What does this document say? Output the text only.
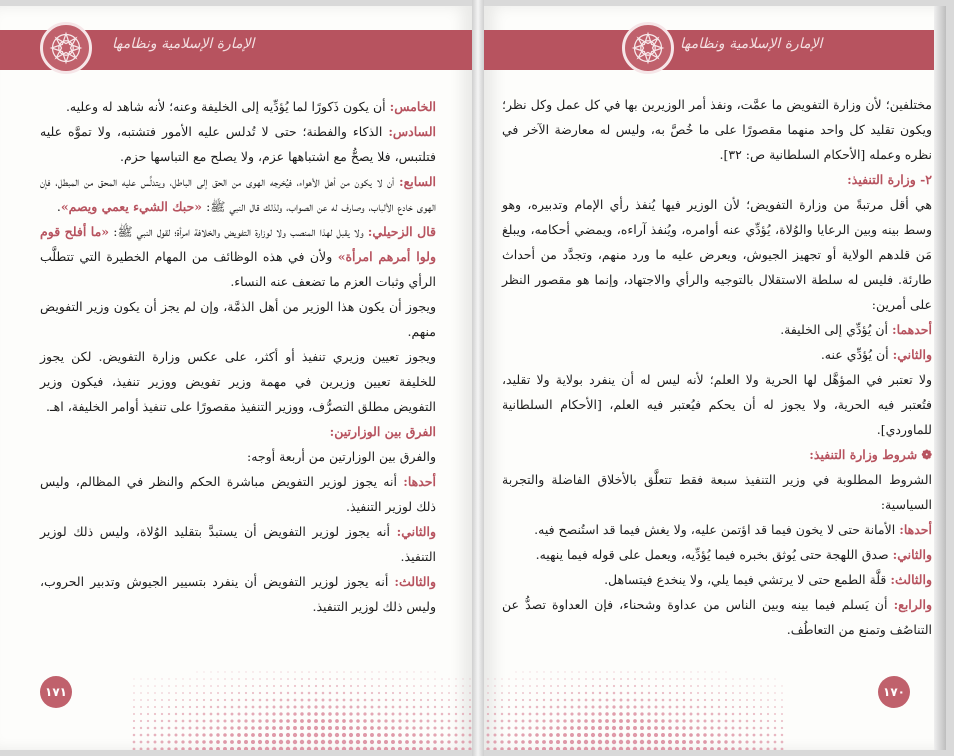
الإمارة الإسلامية ونظامها

الخامس: أن يكون ذَكورًا لما يُؤدِّيه إلى الخليفة وعنه؛ لأنه شاهد له وعليه.

السادس: الذكاء والفطنة؛ حتى لا تُدلس عليه الأمور فتشتبه، ولا تموَّه عليه فتلتبس، فلا يصحُّ مع اشتباهها عزم، ولا يصلح مع التباسها حزم.

السابع: أن لا يكون من أهل الأهواء، فيُخرجه الهوى من الحق إلى الباطل، ويتدلَّس عليه المحق من المبطل، فإن الهوى خادع الألباب، وصارف له عن الصواب، ولذلك قال النبي ﷺ: «حبك الشيء يعمي ويصم».

قال الزحيلي: ولا يقبل لهذا المنصب ولا لوزارة التفويض والخلافة امرأة؛ لقول النبي ﷺ: «ما أفلح قوم ولوا أمرهم امرأة» ولأن في هذه الوظائف من المهام الخطيرة التي تتطلَّب الرأي وثبات العزم ما تضعف عنه النساء.

ويجوز أن يكون هذا الوزير من أهل الذمَّة، وإن لم يجز أن يكون وزير التفويض منهم.

ويجوز تعيين وزيري تنفيذ أو أكثر، على عكس وزارة التفويض. لكن يجوز للخليفة تعيين وزيرين في مهمة وزير تفويض ووزير تنفيذ، فيكون وزير التفويض مطلق التصرُّف، ووزير التنفيذ مقصورًا على تنفيذ أوامر الخليفة، اهـ.

الفرق بين الوزارتين:

والفرق بين الوزارتين من أربعة أوجه:

أحدها: أنه يجوز لوزير التفويض مباشرة الحكم والنظر في المظالم، وليس ذلك لوزير التنفيذ.

والثاني: أنه يجوز لوزير التفويض أن يستبدَّ بتقليد الوُلاة، وليس ذلك لوزير التنفيذ.

والثالث: أنه يجوز لوزير التفويض أن ينفرد بتسيير الجيوش وتدبير الحروب، وليس ذلك لوزير التنفيذ.

١٧١
الإمارة الإسلامية ونظامها

مختلفين؛ لأن وزارة التفويض ما عمَّت، ونفذ أمر الوزيرين بها في كل عمل وكل نظر؛ ويكون تقليد كل واحد منهما مقصورًا على ما خُصَّ به، وليس له معارضة الآخر في نظره وعمله [الأحكام السلطانية ص: ٣٢].

٢- وزارة التنفيذ:

هي أقل مرتبةً من وزارة التفويض؛ لأن الوزير فيها يُنفذ رأي الإمام وتدبيره، وهو وسط بينه وبين الرعايا والوُلاة، يُؤدِّي عنه أوامره، ويُنفذ آراءه، ويمضي أحكامه، ويبلغ مَن قلدهم الولاية أو تجهيز الجيوش، ويعرض عليه ما ورد منهم، وتجدَّد من أحداث طارئة. فليس له سلطة الاستقلال بالتوجيه والرأي والاجتهاد، وإنما هو مقصور النظر على أمرين:

أحدهما: أن يُؤدِّي إلى الخليفة.

والثاني: أن يُؤدِّي عنه.

ولا تعتبر في المؤهَّل لها الحرية ولا العلم؛ لأنه ليس له أن ينفرد بولاية ولا تقليد، فتُعتبر فيه الحرية، ولا يجوز له أن يحكم فيُعتبر فيه العلم، [الأحكام السلطانية للماوردي].

❁ شروط وزارة التنفيذ:

الشروط المطلوبة في وزير التنفيذ سبعة فقط تتعلَّق بالأخلاق الفاضلة والتجربة السياسية:

أحدها: الأمانة حتى لا يخون فيما قد اؤتمن عليه، ولا يغش فيما قد استُنصح فيه.

والثاني: صدق اللهجة حتى يُوثق بخبره فيما يُؤدِّيه، ويعمل على قوله فيما ينهيه.

والثالث: قلَّة الطمع حتى لا يرتشي فيما يلي، ولا ينخدع فيتساهل.

والرابع: أن يَسلم فيما بينه وبين الناس من عداوة وشحناء، فإن العداوة تصدُّ عن التناصُف وتمنع من التعاطُف.

١٧٠
